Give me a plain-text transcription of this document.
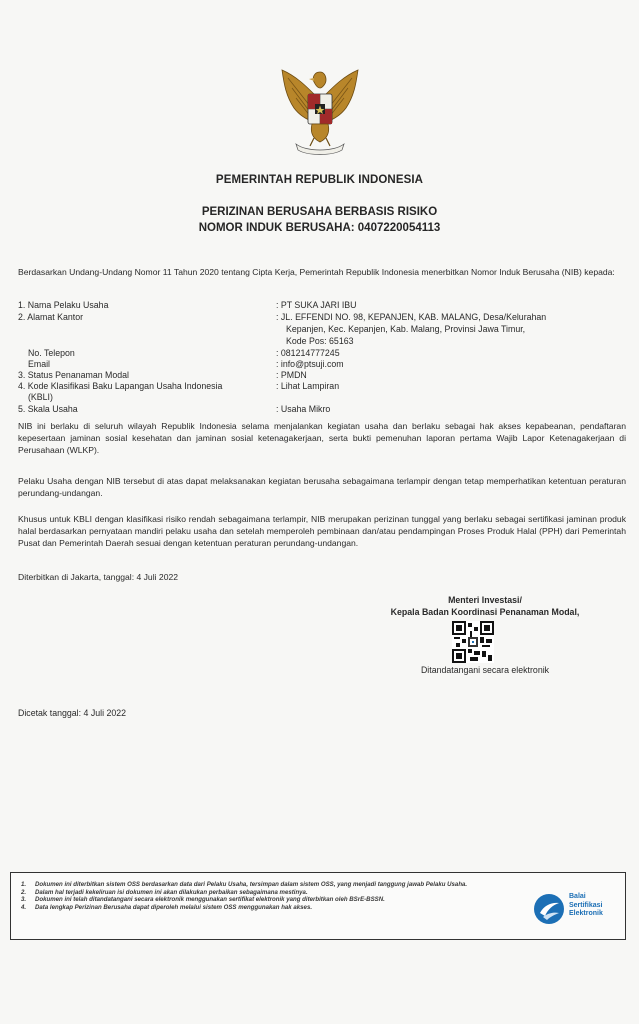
PEMERINTAH REPUBLIK INDONESIA
PERIZINAN BERUSAHA BERBASIS RISIKO
NOMOR INDUK BERUSAHA: 0407220054113
Berdasarkan Undang-Undang Nomor 11 Tahun 2020 tentang Cipta Kerja, Pemerintah Republik Indonesia menerbitkan Nomor Induk Berusaha (NIB) kepada:
1. Nama Pelaku Usaha	: PT SUKA JARI IBU
2. Alamat Kantor	: JL. EFFENDI NO. 98, KEPANJEN, KAB. MALANG, Desa/Kelurahan
Kepanjen, Kec. Kepanjen, Kab. Malang, Provinsi Jawa Timur,
Kode Pos: 65163
No. Telepon	: 081214777245
Email	: info@ptsuji.com
3. Status Penanaman Modal	: PMDN
4. Kode Klasifikasi Baku Lapangan Usaha Indonesia	: Lihat Lampiran
(KBLI)
5. Skala Usaha	: Usaha Mikro
NIB ini berlaku di seluruh wilayah Republik Indonesia selama menjalankan kegiatan usaha dan berlaku sebagai hak akses kepabeanan, pendaftaran kepesertaan jaminan sosial kesehatan dan jaminan sosial ketenagakerjaan, serta bukti pemenuhan laporan pertama Wajib Lapor Ketenagakerjaan di Perusahaan (WLKP).
Pelaku Usaha dengan NIB tersebut di atas dapat melaksanakan kegiatan berusaha sebagaimana terlampir dengan tetap memperhatikan ketentuan peraturan perundang-undangan.
Khusus untuk KBLI dengan klasifikasi risiko rendah sebagaimana terlampir, NIB merupakan perizinan tunggal yang berlaku sebagai sertifikasi jaminan produk halal berdasarkan pernyataan mandiri pelaku usaha dan setelah memperoleh pembinaan dan/atau pendampingan Proses Produk Halal (PPH) dari Pemerintah Pusat dan Pemerintah Daerah sesuai dengan ketentuan peraturan perundang-undangan.
Diterbitkan di Jakarta, tanggal: 4 Juli 2022
Menteri Investasi/
Kepala Badan Koordinasi Penanaman Modal,
Ditandatangani secara elektronik
Dicetak tanggal: 4 Juli 2022
1.	Dokumen ini diterbitkan sistem OSS berdasarkan data dari Pelaku Usaha, tersimpan dalam sistem OSS, yang menjadi tanggung jawab Pelaku Usaha.
2.	Dalam hal terjadi kekeliruan isi dokumen ini akan dilakukan perbaikan sebagaimana mestinya.
3.	Dokumen ini telah ditandatangani secara elektronik menggunakan sertifikat elektronik yang diterbitkan oleh BSrE-BSSN.
4.	Data lengkap Perizinan Berusaha dapat diperoleh melalui sistem OSS menggunakan hak akses.
Balai
Sertifikasi
Elektronik
